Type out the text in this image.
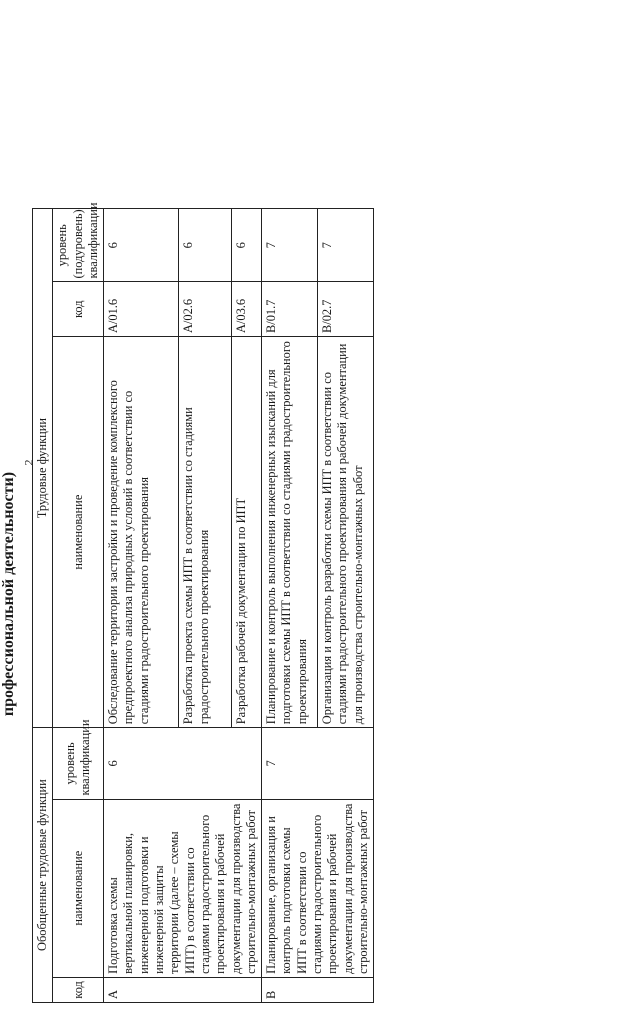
2
профессиональной деятельности)
Обобщенные трудовые функции			Трудовые функции		
код	наименование	уровень квалификации	наименование	код	уровень (подуровень) квалификации
А	Подготовка схемы вертикальной планировки, инженерной подготовки и инженерной защиты территории (далее – схемы ИПТ) в соответствии со стадиями градостроительного проектирования и рабочей документации для производства строительно-монтажных работ	6	Обследование территории застройки и проведение комплексного предпроектного анализа природных условий в соответствии со стадиями градостроительного проектирования	А/01.6	6
			Разработка проекта схемы ИПТ в соответствии со стадиями градостроительного проектирования	А/02.6	6
			Разработка рабочей документации по ИПТ	А/03.6	6
В	Планирование, организация и контроль подготовки схемы ИПТ в соответствии со стадиями градостроительного проектирования и рабочей документации для производства строительно-монтажных работ	7	Планирование и контроль выполнения инженерных изысканий для подготовки схемы ИПТ в соответствии со стадиями градостроительного проектирования	В/01.7	7
			Организация и контроль разработки схемы ИПТ в соответствии со стадиями градостроительного проектирования и рабочей документации для производства строительно-монтажных работ	В/02.7	7
